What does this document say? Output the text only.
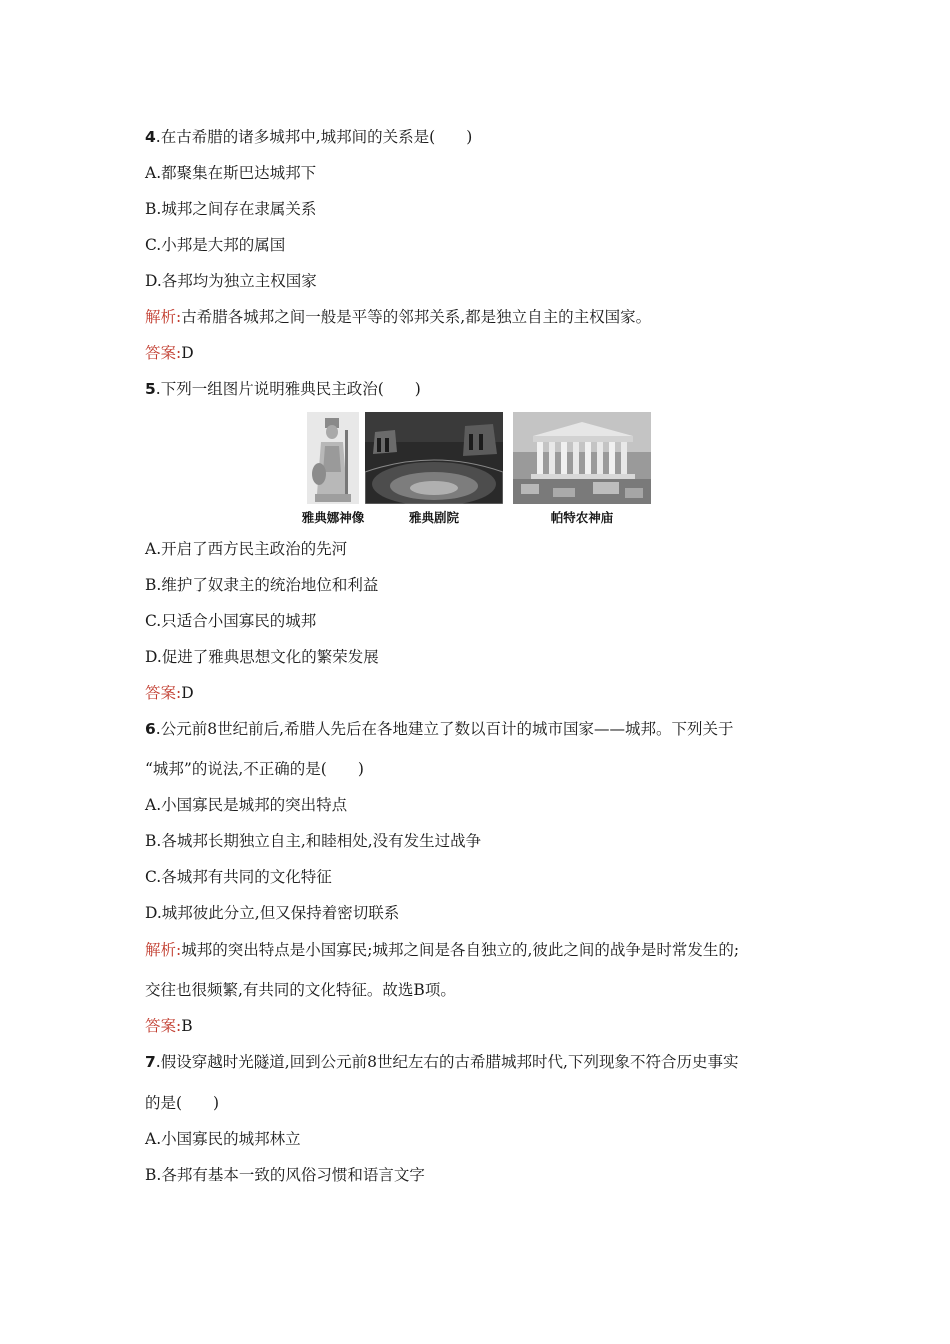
4.在古希腊的诸多城邦中,城邦间的关系是(　　)
A.都聚集在斯巴达城邦下
B.城邦之间存在隶属关系
C.小邦是大邦的属国
D.各邦均为独立主权国家
解析:古希腊各城邦之间一般是平等的邻邦关系,都是独立自主的主权国家。
答案:D
5.下列一组图片说明雅典民主政治(　　)
雅典娜神像	雅典剧院	帕特农神庙
A.开启了西方民主政治的先河
B.维护了奴隶主的统治地位和利益
C.只适合小国寡民的城邦
D.促进了雅典思想文化的繁荣发展
答案:D
6.公元前8世纪前后,希腊人先后在各地建立了数以百计的城市国家——城邦。下列关于
“城邦”的说法,不正确的是(　　)
A.小国寡民是城邦的突出特点
B.各城邦长期独立自主,和睦相处,没有发生过战争
C.各城邦有共同的文化特征
D.城邦彼此分立,但又保持着密切联系
解析:城邦的突出特点是小国寡民;城邦之间是各自独立的,彼此之间的战争是时常发生的;
交往也很频繁,有共同的文化特征。故选B项。
答案:B
7.假设穿越时光隧道,回到公元前8世纪左右的古希腊城邦时代,下列现象不符合历史事实
的是(　　)
A.小国寡民的城邦林立
B.各邦有基本一致的风俗习惯和语言文字
